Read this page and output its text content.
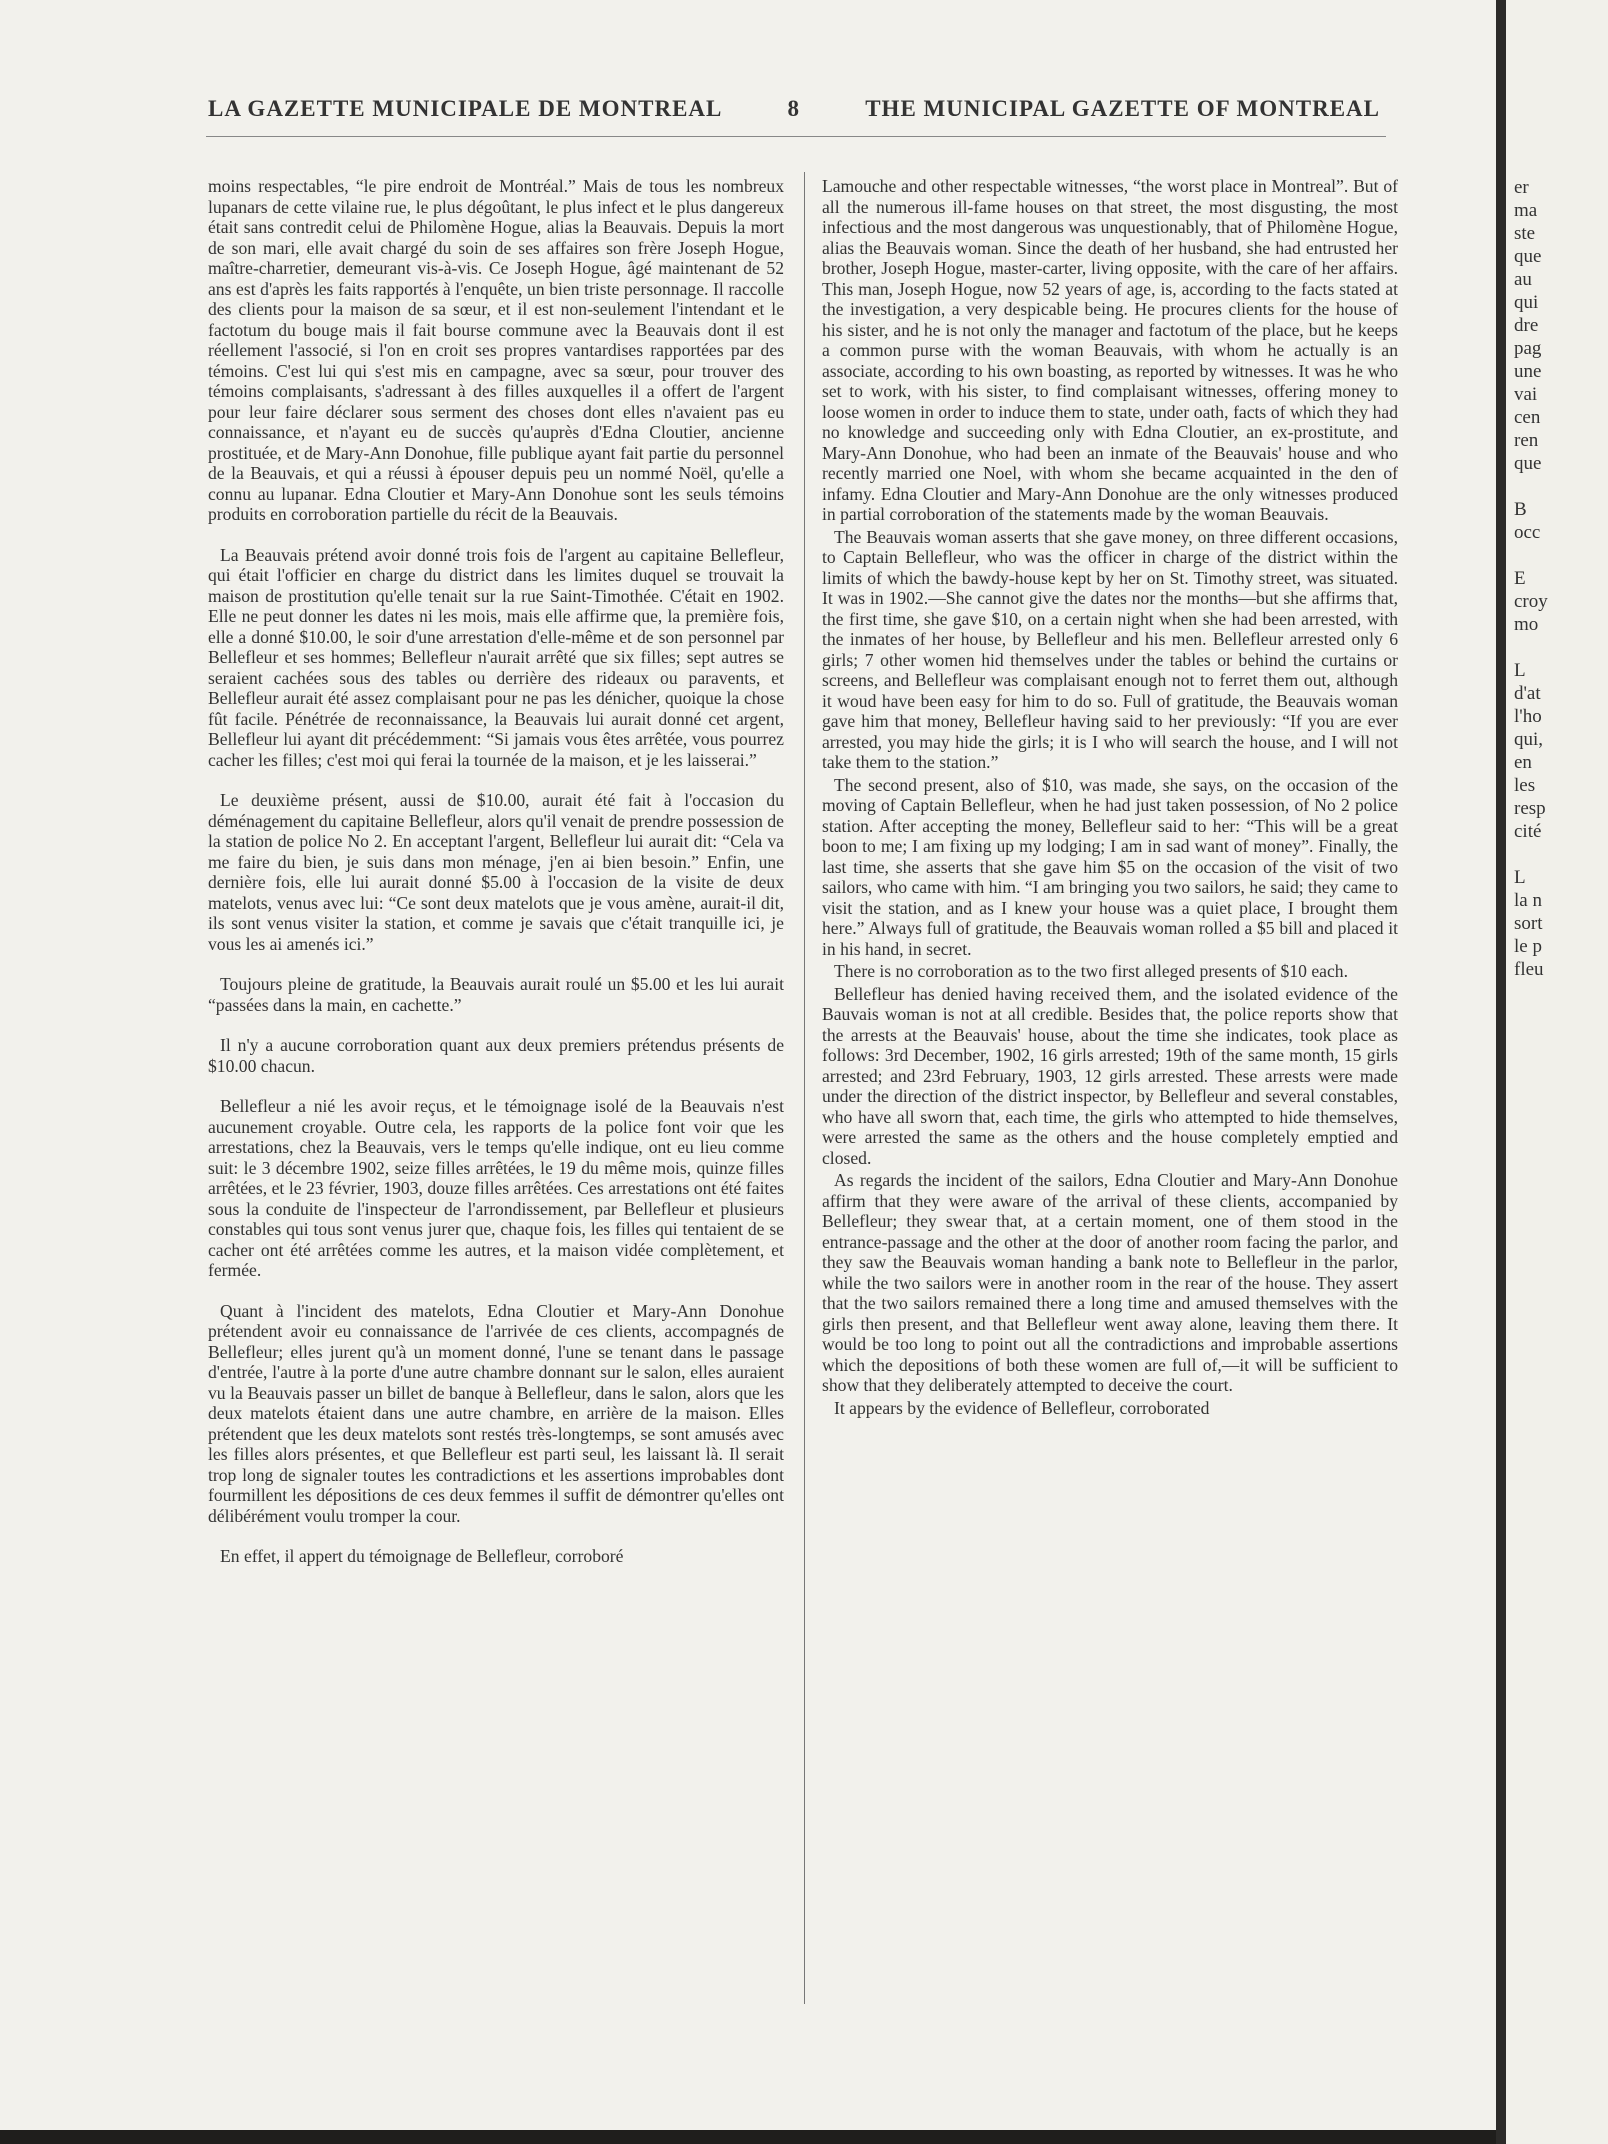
LA GAZETTE MUNICIPALE DE MONTREAL	8	THE MUNICIPAL GAZETTE OF MONTREAL

moins respectables, “le pire endroit de Montréal.” Mais de tous les nombreux lupanars de cette vilaine rue, le plus dégoûtant, le plus infect et le plus dangereux était sans contredit celui de Philomène Hogue, alias la Beauvais. Depuis la mort de son mari, elle avait chargé du soin de ses affaires son frère Joseph Hogue, maître-charretier, demeurant vis-à-vis. Ce Joseph Hogue, âgé maintenant de 52 ans est d'après les faits rapportés à l'enquête, un bien triste personnage. Il raccolle des clients pour la maison de sa sœur, et il est non-seulement l'intendant et le factotum du bouge mais il fait bourse commune avec la Beauvais dont il est réellement l'associé, si l'on en croit ses propres vantardises rapportées par des témoins. C'est lui qui s'est mis en campagne, avec sa sœur, pour trouver des témoins complaisants, s'adressant à des filles auxquelles il a offert de l'argent pour leur faire déclarer sous serment des choses dont elles n'avaient pas eu connaissance, et n'ayant eu de succès qu'auprès d'Edna Cloutier, ancienne prostituée, et de Mary-Ann Donohue, fille publique ayant fait partie du personnel de la Beauvais, et qui a réussi à épouser depuis peu un nommé Noël, qu'elle a connu au lupanar. Edna Cloutier et Mary-Ann Donohue sont les seuls témoins produits en corroboration partielle du récit de la Beauvais.

La Beauvais prétend avoir donné trois fois de l'argent au capitaine Bellefleur, qui était l'officier en charge du district dans les limites duquel se trouvait la maison de prostitution qu'elle tenait sur la rue Saint-Timothée. C'était en 1902. Elle ne peut donner les dates ni les mois, mais elle affirme que, la première fois, elle a donné $10.00, le soir d'une arrestation d'elle-même et de son personnel par Bellefleur et ses hommes; Bellefleur n'aurait arrêté que six filles; sept autres se seraient cachées sous des tables ou derrière des rideaux ou paravents, et Bellefleur aurait été assez complaisant pour ne pas les dénicher, quoique la chose fût facile. Pénétrée de reconnaissance, la Beauvais lui aurait donné cet argent, Bellefleur lui ayant dit précédemment: “Si jamais vous êtes arrêtée, vous pourrez cacher les filles; c'est moi qui ferai la tournée de la maison, et je les laisserai.”

Le deuxième présent, aussi de $10.00, aurait été fait à l'occasion du déménagement du capitaine Bellefleur, alors qu'il venait de prendre possession de la station de police No 2. En acceptant l'argent, Bellefleur lui aurait dit: “Cela va me faire du bien, je suis dans mon ménage, j'en ai bien besoin.” Enfin, une dernière fois, elle lui aurait donné $5.00 à l'occasion de la visite de deux matelots, venus avec lui: “Ce sont deux matelots que je vous amène, aurait-il dit, ils sont venus visiter la station, et comme je savais que c'était tranquille ici, je vous les ai amenés ici.”

Toujours pleine de gratitude, la Beauvais aurait roulé un $5.00 et les lui aurait “passées dans la main, en cachette.”

Il n'y a aucune corroboration quant aux deux premiers prétendus présents de $10.00 chacun.

Bellefleur a nié les avoir reçus, et le témoignage isolé de la Beauvais n'est aucunement croyable. Outre cela, les rapports de la police font voir que les arrestations, chez la Beauvais, vers le temps qu'elle indique, ont eu lieu comme suit: le 3 décembre 1902, seize filles arrêtées, le 19 du même mois, quinze filles arrêtées, et le 23 février, 1903, douze filles arrêtées. Ces arrestations ont été faites sous la conduite de l'inspecteur de l'arrondissement, par Bellefleur et plusieurs constables qui tous sont venus jurer que, chaque fois, les filles qui tentaient de se cacher ont été arrêtées comme les autres, et la maison vidée complètement, et fermée.

Quant à l'incident des matelots, Edna Cloutier et Mary-Ann Donohue prétendent avoir eu connaissance de l'arrivée de ces clients, accompagnés de Bellefleur; elles jurent qu'à un moment donné, l'une se tenant dans le passage d'entrée, l'autre à la porte d'une autre chambre donnant sur le salon, elles auraient vu la Beauvais passer un billet de banque à Bellefleur, dans le salon, alors que les deux matelots étaient dans une autre chambre, en arrière de la maison. Elles prétendent que les deux matelots sont restés très-longtemps, se sont amusés avec les filles alors présentes, et que Bellefleur est parti seul, les laissant là. Il serait trop long de signaler toutes les contradictions et les assertions improbables dont fourmillent les dépositions de ces deux femmes il suffit de démontrer qu'elles ont délibérément voulu tromper la cour.

En effet, il appert du témoignage de Bellefleur, corroboré

Lamouche and other respectable witnesses, “the worst place in Montreal”. But of all the numerous ill-fame houses on that street, the most disgusting, the most infectious and the most dangerous was unquestionably, that of Philomène Hogue, alias the Beauvais woman. Since the death of her husband, she had entrusted her brother, Joseph Hogue, master-carter, living opposite, with the care of her affairs. This man, Joseph Hogue, now 52 years of age, is, according to the facts stated at the investigation, a very despicable being. He procures clients for the house of his sister, and he is not only the manager and factotum of the place, but he keeps a common purse with the woman Beauvais, with whom he actually is an associate, according to his own boasting, as reported by witnesses. It was he who set to work, with his sister, to find complaisant witnesses, offering money to loose women in order to induce them to state, under oath, facts of which they had no knowledge and succeeding only with Edna Cloutier, an ex-prostitute, and Mary-Ann Donohue, who had been an inmate of the Beauvais' house and who recently married one Noel, with whom she became acquainted in the den of infamy. Edna Cloutier and Mary-Ann Donohue are the only witnesses produced in partial corroboration of the statements made by the woman Beauvais.

The Beauvais woman asserts that she gave money, on three different occasions, to Captain Bellefleur, who was the officer in charge of the district within the limits of which the bawdy-house kept by her on St. Timothy street, was situated. It was in 1902.—She cannot give the dates nor the months—but she affirms that, the first time, she gave $10, on a certain night when she had been arrested, with the inmates of her house, by Bellefleur and his men. Bellefleur arrested only 6 girls; 7 other women hid themselves under the tables or behind the curtains or screens, and Bellefleur was complaisant enough not to ferret them out, although it woud have been easy for him to do so. Full of gratitude, the Beauvais woman gave him that money, Bellefleur having said to her previously: “If you are ever arrested, you may hide the girls; it is I who will search the house, and I will not take them to the station.”

The second present, also of $10, was made, she says, on the occasion of the moving of Captain Bellefleur, when he had just taken possession, of No 2 police station. After accepting the money, Bellefleur said to her: “This will be a great boon to me; I am fixing up my lodging; I am in sad want of money”. Finally, the last time, she asserts that she gave him $5 on the occasion of the visit of two sailors, who came with him. “I am bringing you two sailors, he said; they came to visit the station, and as I knew your house was a quiet place, I brought them here.” Always full of gratitude, the Beauvais woman rolled a $5 bill and placed it in his hand, in secret.

There is no corroboration as to the two first alleged presents of $10 each.

Bellefleur has denied having received them, and the isolated evidence of the Bauvais woman is not at all credible. Besides that, the police reports show that the arrests at the Beauvais' house, about the time she indicates, took place as follows: 3rd December, 1902, 16 girls arrested; 19th of the same month, 15 girls arrested; and 23rd February, 1903, 12 girls arrested. These arrests were made under the direction of the district inspector, by Bellefleur and several constables, who have all sworn that, each time, the girls who attempted to hide themselves, were arrested the same as the others and the house completely emptied and closed.

As regards the incident of the sailors, Edna Cloutier and Mary-Ann Donohue affirm that they were aware of the arrival of these clients, accompanied by Bellefleur; they swear that, at a certain moment, one of them stood in the entrance-passage and the other at the door of another room facing the parlor, and they saw the Beauvais woman handing a bank note to Bellefleur in the parlor, while the two sailors were in another room in the rear of the house. They assert that the two sailors remained there a long time and amused themselves with the girls then present, and that Bellefleur went away alone, leaving them there. It would be too long to point out all the contradictions and improbable assertions which the depositions of both these women are full of,—it will be sufficient to show that they deliberately attempted to deceive the court.

It appears by the evidence of Bellefleur, corroborated

er
ma
ste
que
au
qui
dre
pag
une
vai
cen
ren
que

B
occ

E
croy
mo

L
d'at
l'ho
qui,
en
les
resp
cité

L
la n
sort
le p
fleu
